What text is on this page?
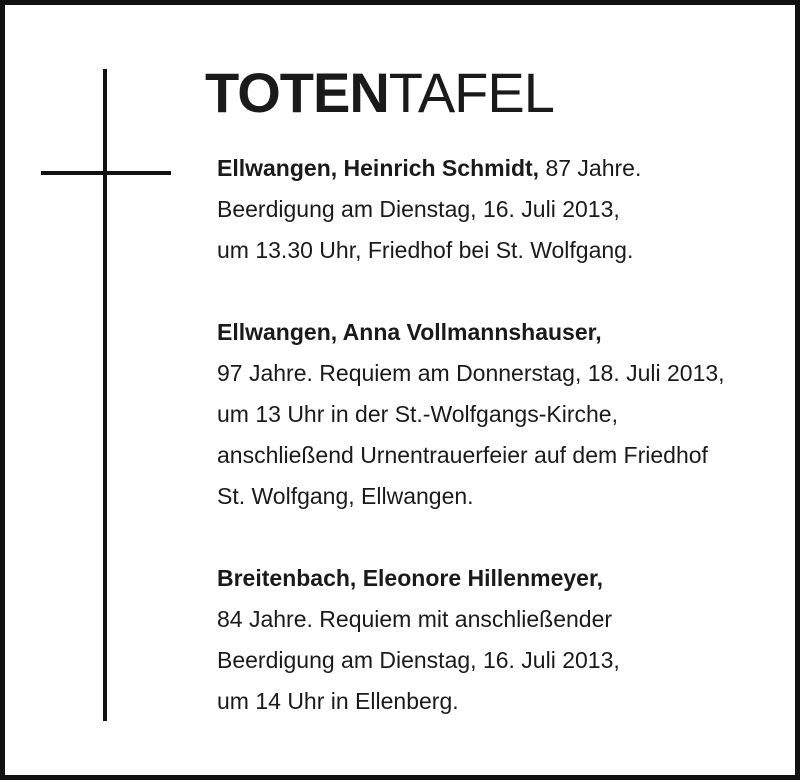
TOTENTAFEL
Ellwangen, Heinrich Schmidt, 87 Jahre.
Beerdigung am Dienstag, 16. Juli 2013,
um 13.30 Uhr, Friedhof bei St. Wolfgang.
Ellwangen, Anna Vollmannshauser,
97 Jahre. Requiem am Donnerstag, 18. Juli 2013,
um 13 Uhr in der St.-Wolfgangs-Kirche,
anschließend Urnentrauerfeier auf dem Friedhof
St. Wolfgang, Ellwangen.
Breitenbach, Eleonore Hillenmeyer,
84 Jahre. Requiem mit anschließender
Beerdigung am Dienstag, 16. Juli 2013,
um 14 Uhr in Ellenberg.
